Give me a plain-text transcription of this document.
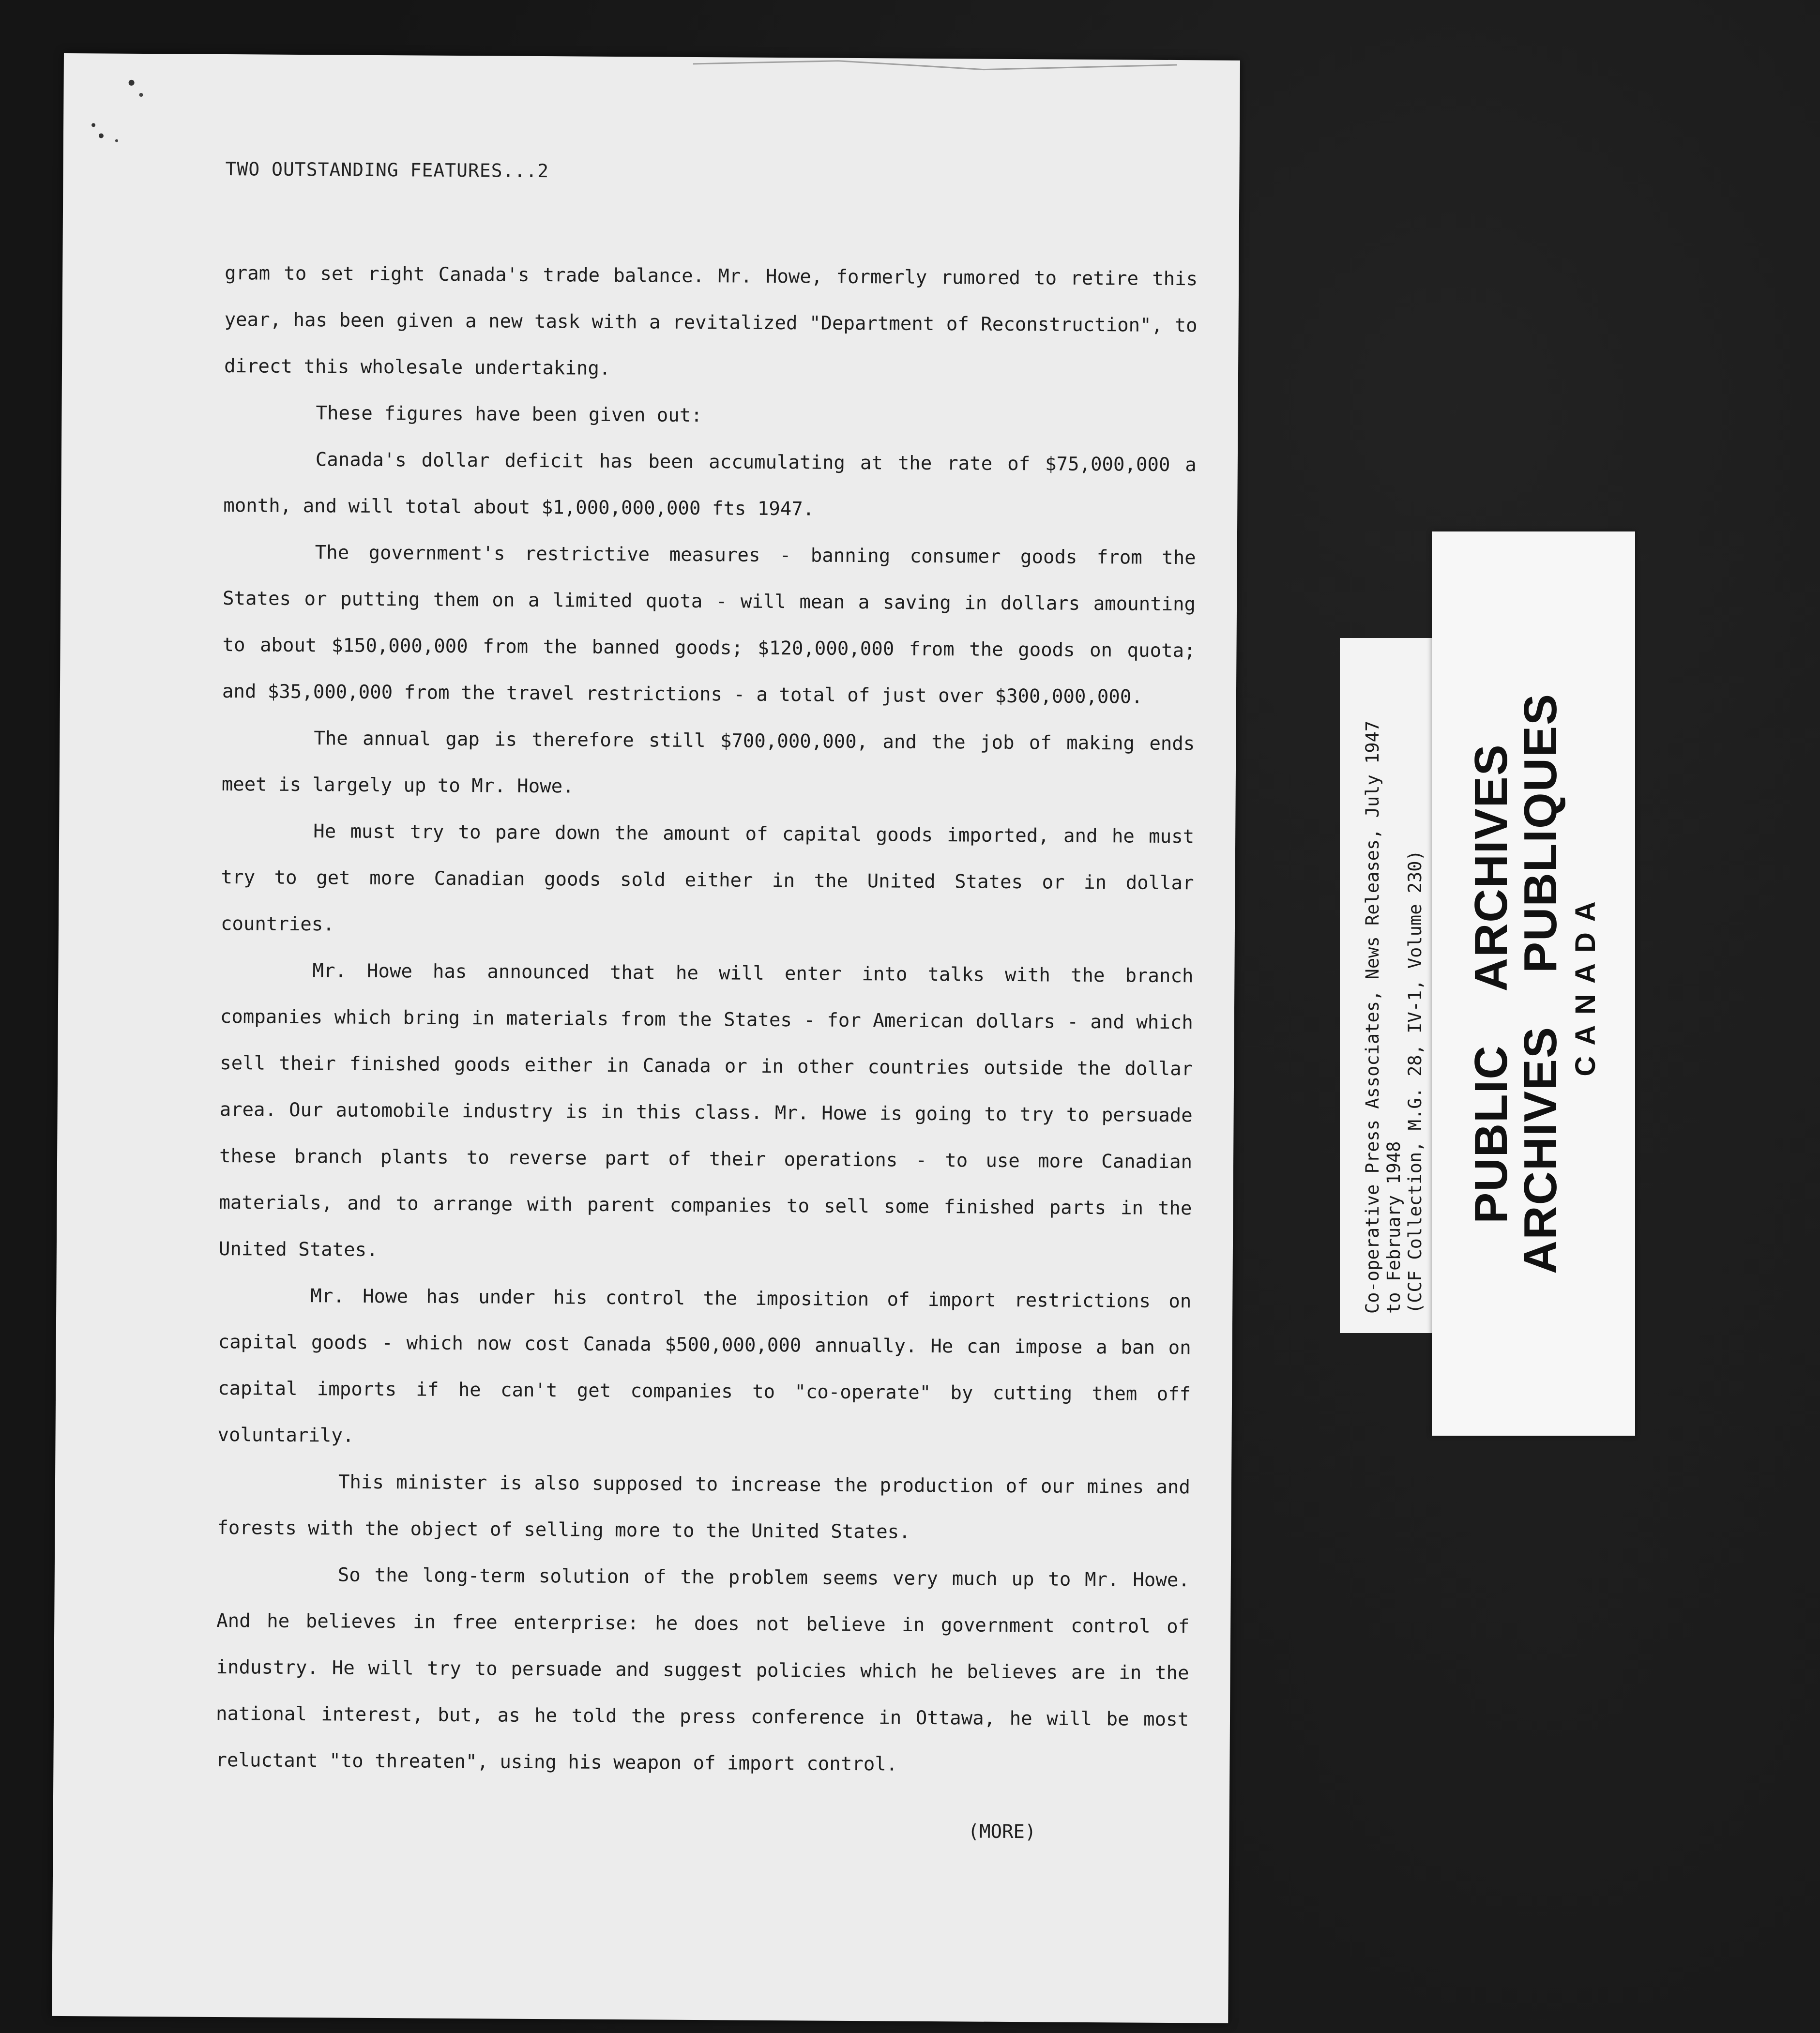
TWO OUTSTANDING FEATURES...2

gram to set right Canada's trade balance. Mr. Howe, formerly rumored to retire this year, has been given a new task with a revitalized "Department of Reconstruction", to direct this wholesale undertaking.

These figures have been given out:

Canada's dollar deficit has been accumulating at the rate of $75,000,000 a month, and will total about $1,000,000,000 fts 1947.

The government's restrictive measures - banning consumer goods from the States or putting them on a limited quota - will mean a saving in dollars amounting to about $150,000,000 from the banned goods; $120,000,000 from the goods on quota; and $35,000,000 from the travel restrictions - a total of just over $300,000,000.

The annual gap is therefore still $700,000,000, and the job of making ends meet is largely up to Mr. Howe.

He must try to pare down the amount of capital goods imported, and he must try to get more Canadian goods sold either in the United States or in dollar countries.

Mr. Howe has announced that he will enter into talks with the branch companies which bring in materials from the States - for American dollars - and which sell their finished goods either in Canada or in other countries outside the dollar area. Our automobile industry is in this class. Mr. Howe is going to try to persuade these branch plants to reverse part of their operations - to use more Canadian materials, and to arrange with parent companies to sell some finished parts in the United States.

Mr. Howe has under his control the imposition of import restrictions on capital goods - which now cost Canada $500,000,000 annually. He can impose a ban on capital imports if he can't get companies to "co-operate" by cutting them off voluntarily.

This minister is also supposed to increase the production of our mines and forests with the object of selling more to the United States.

So the long-term solution of the problem seems very much up to Mr. Howe. And he believes in free enterprise: he does not believe in government control of industry. He will try to persuade and suggest policies which he believes are in the national interest, but, as he told the press conference in Ottawa, he will be most reluctant "to threaten", using his weapon of import control.

(MORE)
Co-operative Press Associates, News Releases, July 1947 to February 1948 (CCF Collection, M.G. 28, IV-1, Volume 230) PUBLIC
ARCHIVES
ARCHIVES
PUBLIQUES
CANADA
